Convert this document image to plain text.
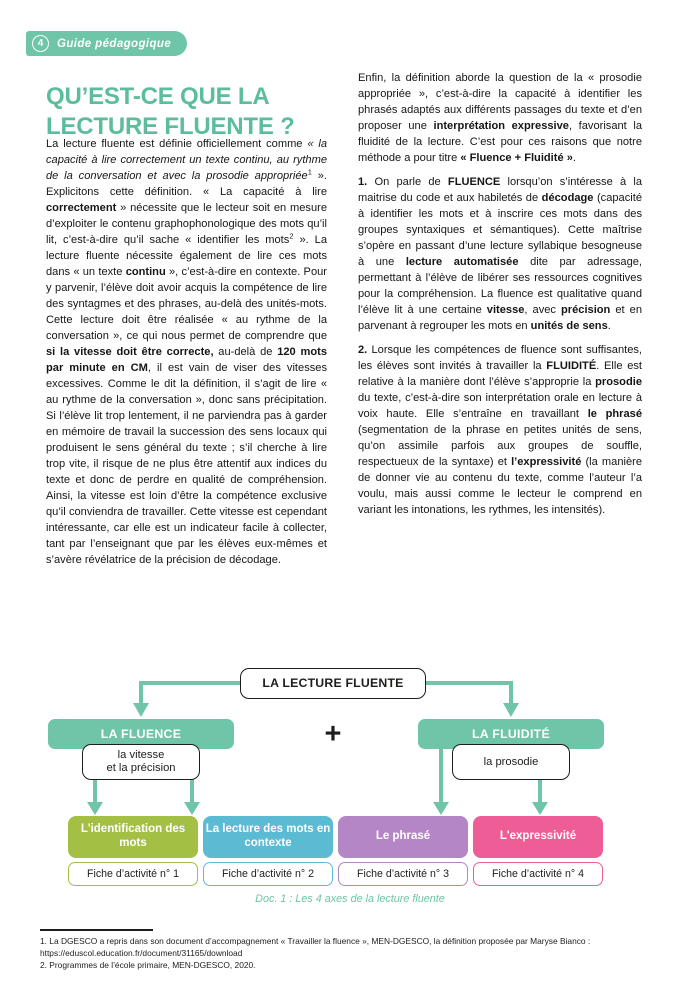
4	Guide pédagogique
QU’EST-CE QUE LA LECTURE FLUENTE ?

La lecture fluente est définie officiellement comme « la capacité à lire correctement un texte continu, au rythme de la conversation et avec la prosodie appropriée$^1$ ». Explicitons cette définition. « La capacité à lire correctement » nécessite que le lecteur soit en mesure d’exploiter le contenu graphophonologique des mots qu’il lit, c’est-à-dire qu’il sache « identifier les mots$^2$ ». La lecture fluente nécessite également de lire ces mots dans « un texte continu », c’est-à-dire en contexte. Pour y parvenir, l’élève doit avoir acquis la compétence de lire des syntagmes et des phrases, au-delà des unités-mots. Cette lecture doit être réalisée « au rythme de la conversation », ce qui nous permet de comprendre que si la vitesse doit être correcte, au-delà de 120 mots par minute en CM, il est vain de viser des vitesses excessives. Comme le dit la définition, il s’agit de lire « au rythme de la conversation », donc sans précipitation. Si l’élève lit trop lentement, il ne parviendra pas à garder en mémoire de travail la succession des sens locaux qui produisent le sens général du texte ; s’il cherche à lire trop vite, il risque de ne plus être attentif aux indices du texte et donc de perdre en qualité de compréhension. Ainsi, la vitesse est loin d’être la compétence exclusive qu’il conviendra de travailler. Cette vitesse est cependant intéressante, car elle est un indicateur facile à collecter, tant par l’enseignant que par les élèves eux-mêmes et s’avère révélatrice de la précision de décodage.

Enfin, la définition aborde la question de la « prosodie appropriée », c’est-à-dire la capacité à identifier les phrasés adaptés aux différents passages du texte et d’en proposer une interprétation expressive, favorisant la fluidité de la lecture. C’est pour ces raisons que notre méthode a pour titre « Fluence + Fluidité ».

1. On parle de FLUENCE lorsqu’on s’intéresse à la maitrise du code et aux habiletés de décodage (capacité à identifier les mots et à inscrire ces mots dans des groupes syntaxiques et sémantiques). Cette maîtrise s’opère en passant d’une lecture syllabique besogneuse à une lecture automatisée dite par adressage, permettant à l’élève de libérer ses ressources cognitives pour la compréhension. La fluence est qualitative quand l’élève lit à une certaine vitesse, avec précision et en parvenant à regrouper les mots en unités de sens.

2. Lorsque les compétences de fluence sont suffisantes, les élèves sont invités à travailler la FLUIDITÉ. Elle est relative à la manière dont l’élève s’approprie la prosodie du texte, c’est-à-dire son interprétation orale en lecture à voix haute. Elle s’entraîne en travaillant le phrasé (segmentation de la phrase en petites unités de sens, qu’on assimile parfois aux groupes de souffle, respectueux de la syntaxe) et l’expressivité (la manière de donner vie au contenu du texte, comme l’auteur l’a voulu, mais aussi comme le lecteur le comprend en variant les intonations, les rythmes, les intensités).

LA LECTURE FLUENTE
LA FLUENCE	LA FLUIDITÉ
+
la vitesse
et la précision
la prosodie
L'identification des mots
La lecture des mots en contexte
Le phrasé	L'expressivité
Fiche d’activité n° 1	Fiche d’activité n° 2	Fiche d’activité n° 3	Fiche d’activité n° 4
Doc. 1 : Les 4 axes de la lecture fluente

1. La DGESCO a repris dans son document d’accompagnement « Travailler la fluence », MEN-DGESCO, la définition proposée par Maryse Bianco : https://eduscol.education.fr/document/31165/download

2. Programmes de l’école primaire, MEN-DGESCO, 2020.
